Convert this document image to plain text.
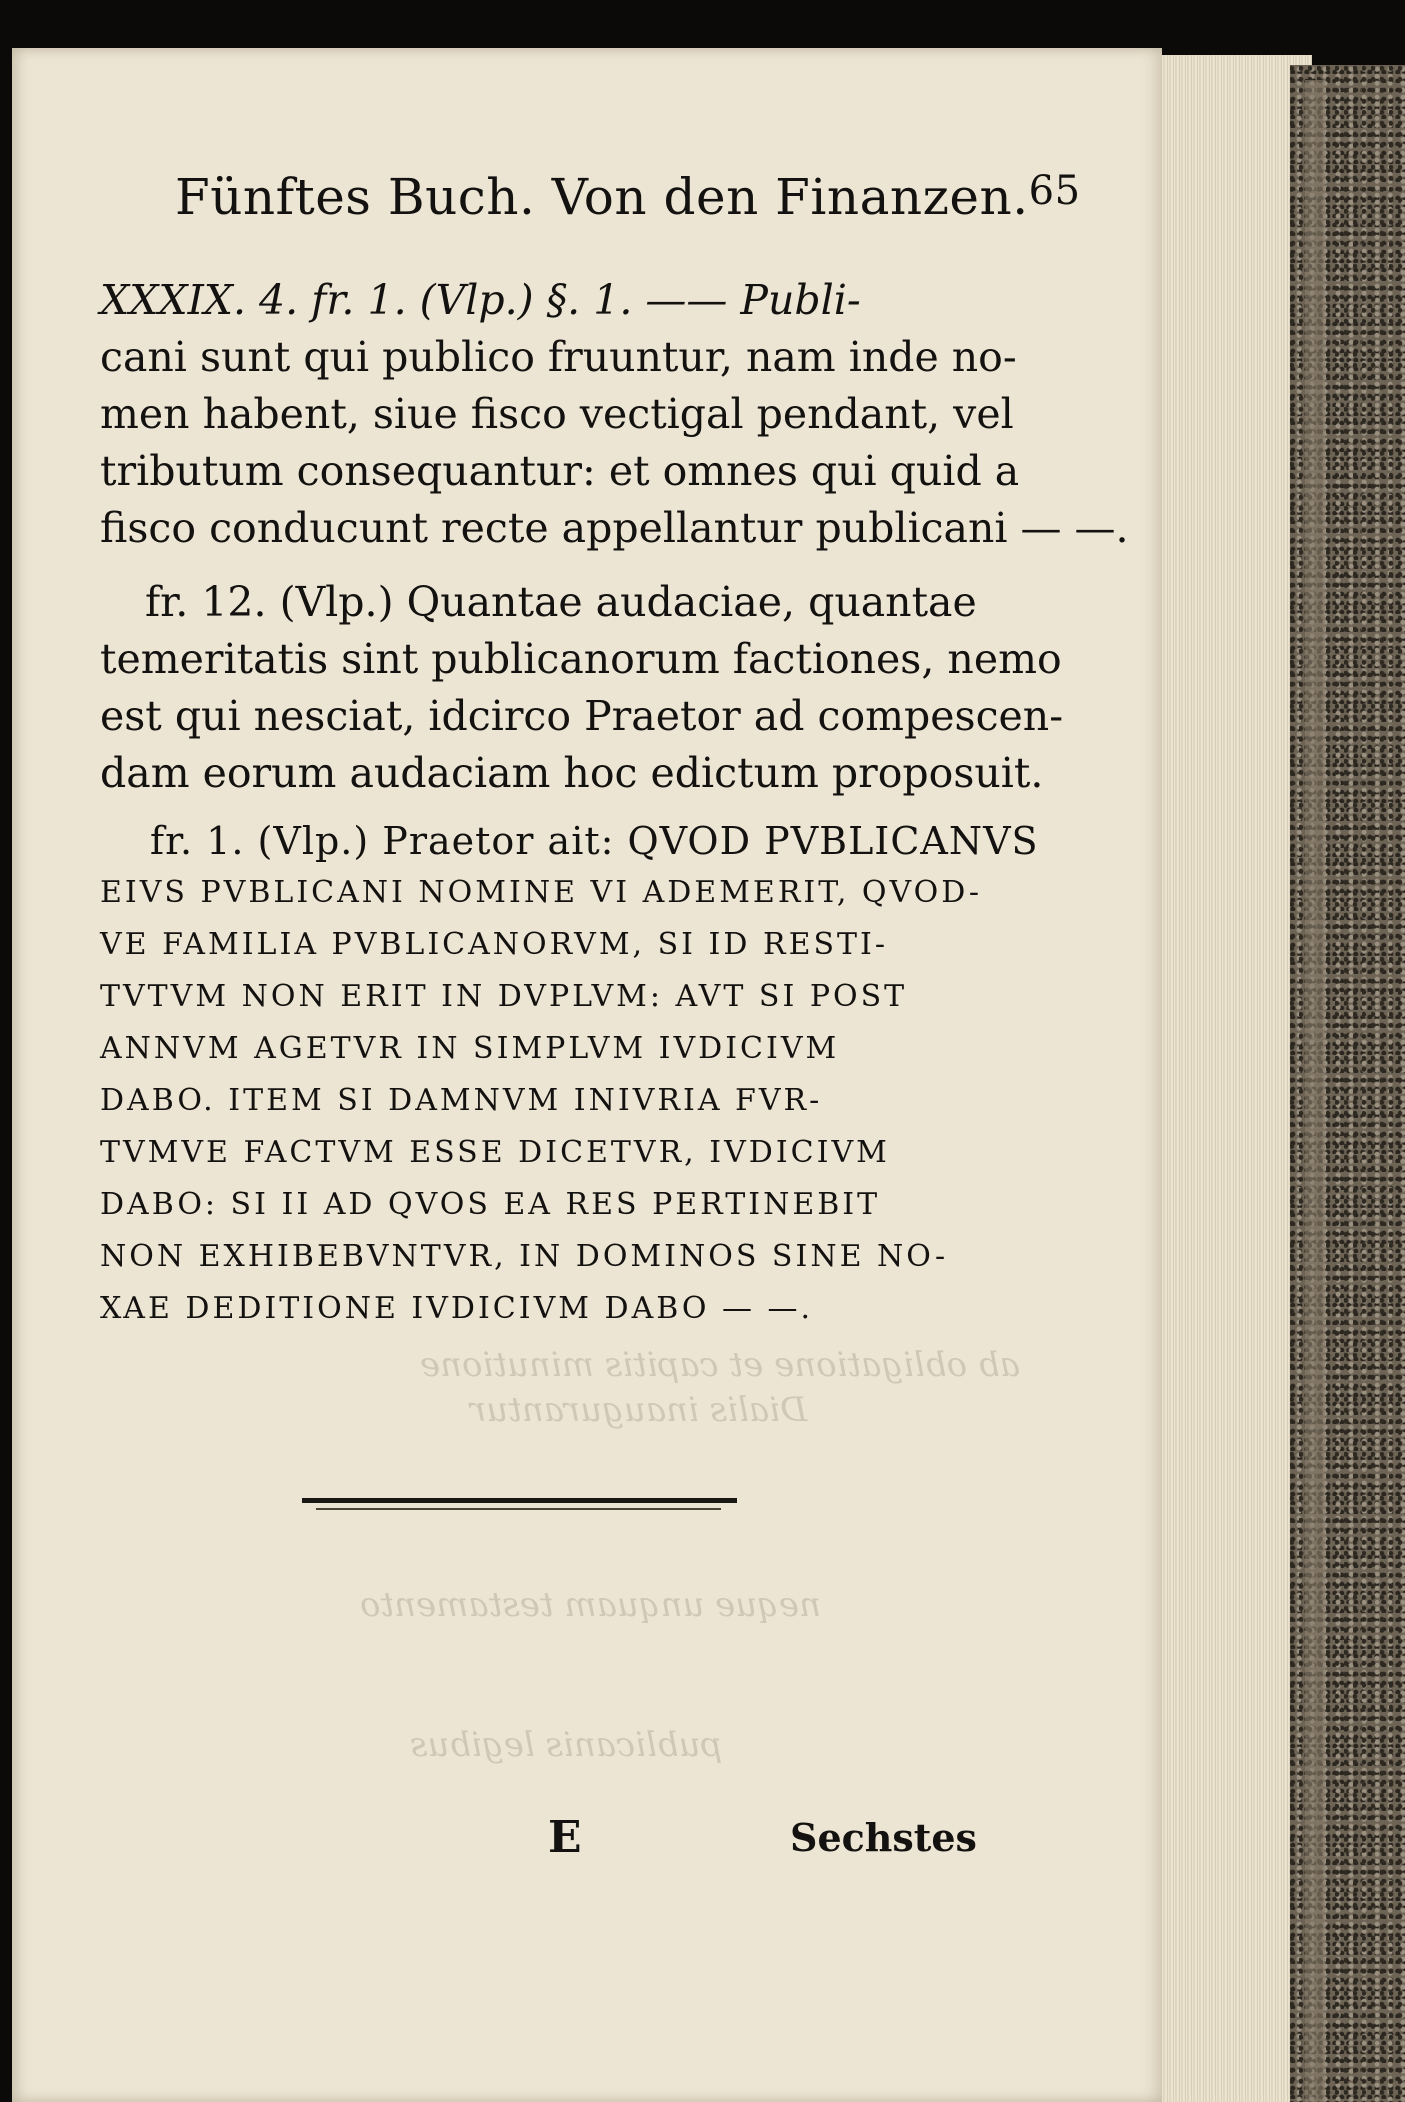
ab obligatione et capitis minutione
Dialis inaugurantur
neque unquam testamento
publicanis legibus
Fünftes Buch. Von den Finanzen. 65
XXXIX. 4. fr. 1. (Vlp.) §. 1. —— Publi-
cani sunt qui publico fruuntur, nam inde no-
men habent, siue fisco vectigal pendant, vel
tributum consequantur: et omnes qui quid a
fisco conducunt recte appellantur publicani — —.
fr. 12. (Vlp.) Quantae audaciae, quantae
temeritatis sint publicanorum factiones, nemo
est qui nesciat, idcirco Praetor ad compescen-
dam eorum audaciam hoc edictum proposuit.
fr. 1. (Vlp.) Praetor ait: QVOD PVBLICANVS
EIVS PVBLICANI NOMINE VI ADEMERIT, QVOD-
VE FAMILIA PVBLICANORVM, SI ID RESTI-
TVTVM NON ERIT IN DVPLVM: AVT SI POST
ANNVM AGETVR IN SIMPLVM IVDICIVM
DABO. ITEM SI DAMNVM INIVRIA FVR-
TVMVE FACTVM ESSE DICETVR, IVDICIVM
DABO: SI II AD QVOS EA RES PERTINEBIT
NON EXHIBEBVNTVR, IN DOMINOS SINE NO-
XAE DEDITIONE IVDICIVM DABO — —.
E	Sechstes
